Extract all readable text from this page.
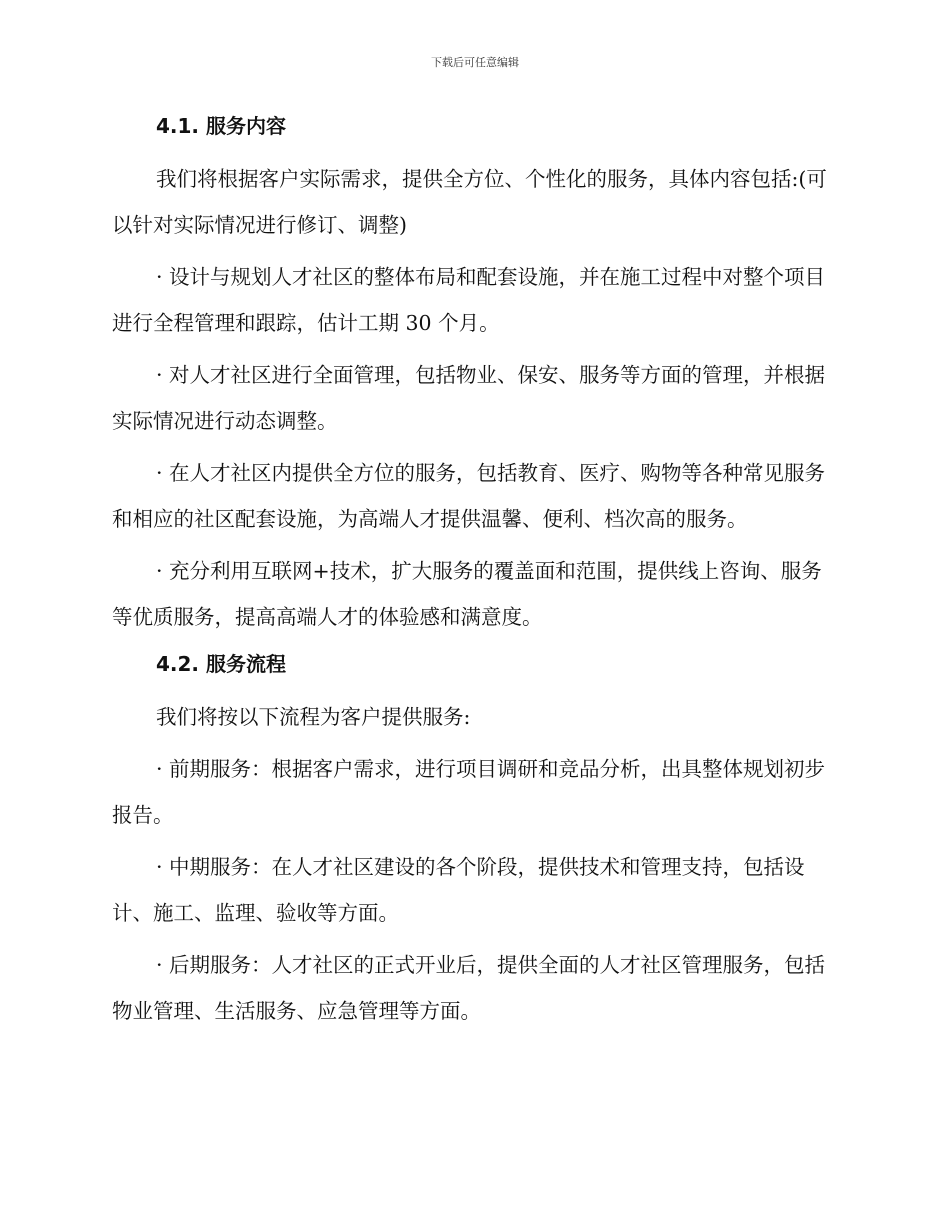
下载后可任意编辑
4.1. 服务内容

我们将根据客户实际需求，提供全方位、个性化的服务，具体内容包括:(可以针对实际情况进行修订、调整)

· 设计与规划人才社区的整体布局和配套设施，并在施工过程中对整个项目进行全程管理和跟踪，估计工期 30 个月。

· 对人才社区进行全面管理，包括物业、保安、服务等方面的管理，并根据实际情况进行动态调整。

· 在人才社区内提供全方位的服务，包括教育、医疗、购物等各种常见服务和相应的社区配套设施，为高端人才提供温馨、便利、档次高的服务。

· 充分利用互联网+技术，扩大服务的覆盖面和范围，提供线上咨询、服务等优质服务，提高高端人才的体验感和满意度。

4.2. 服务流程

我们将按以下流程为客户提供服务:

· 前期服务：根据客户需求，进行项目调研和竞品分析，出具整体规划初步报告。

· 中期服务：在人才社区建设的各个阶段，提供技术和管理支持，包括设计、施工、监理、验收等方面。

· 后期服务：人才社区的正式开业后，提供全面的人才社区管理服务，包括物业管理、生活服务、应急管理等方面。
